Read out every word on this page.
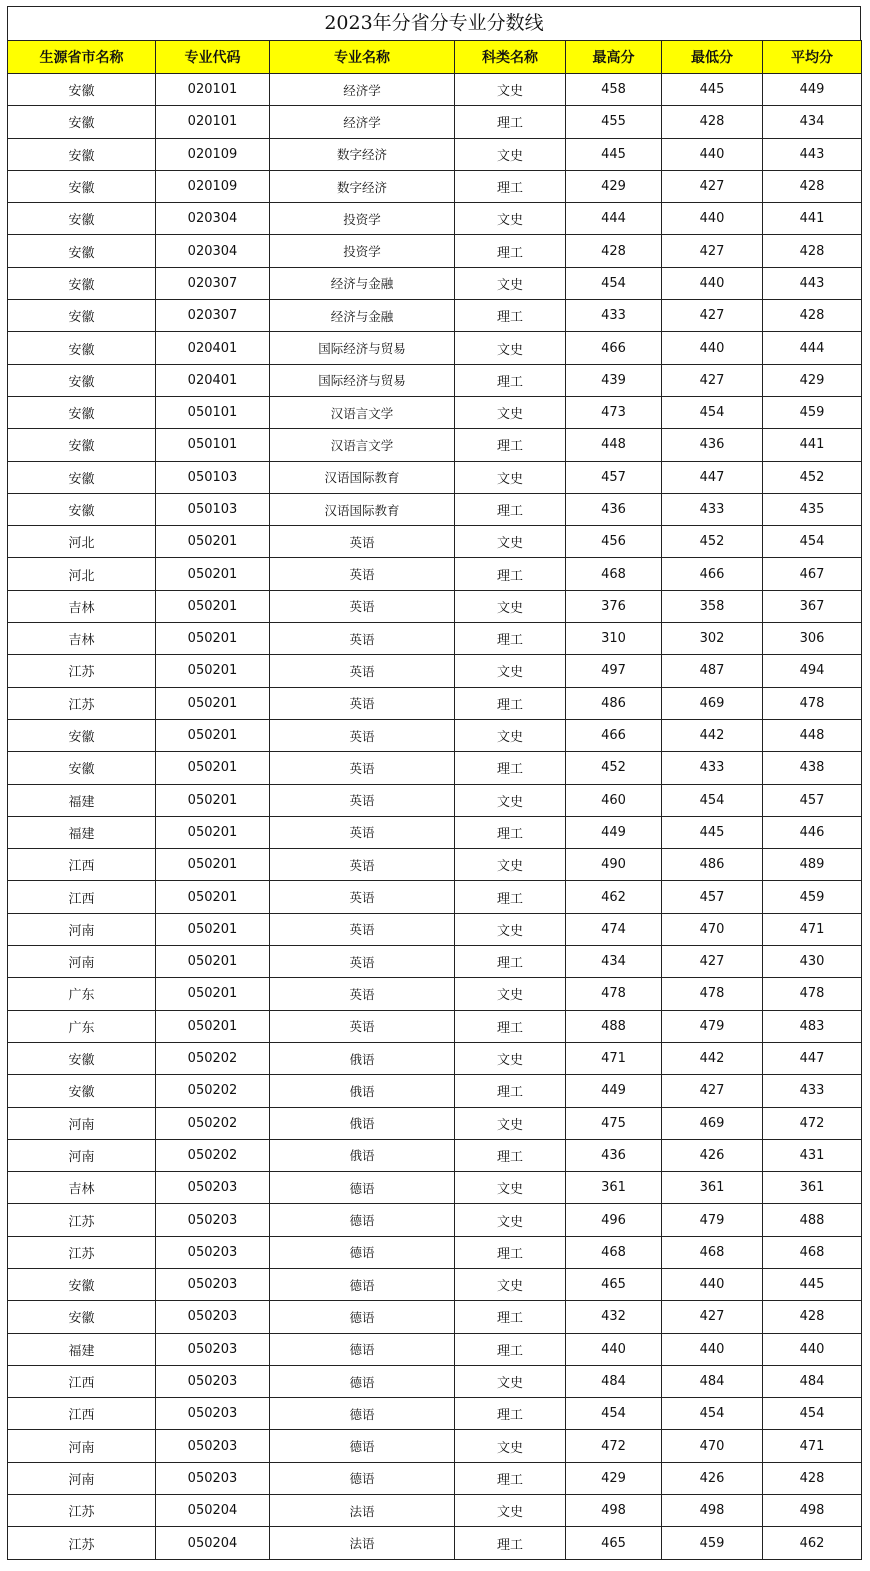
2023年分省分专业分数线
生源省市名称	专业代码	专业名称	科类名称	最高分	最低分	平均分
安徽	020101	经济学	文史	458	445	449
安徽	020101	经济学	理工	455	428	434
安徽	020109	数字经济	文史	445	440	443
安徽	020109	数字经济	理工	429	427	428
安徽	020304	投资学	文史	444	440	441
安徽	020304	投资学	理工	428	427	428
安徽	020307	经济与金融	文史	454	440	443
安徽	020307	经济与金融	理工	433	427	428
安徽	020401	国际经济与贸易	文史	466	440	444
安徽	020401	国际经济与贸易	理工	439	427	429
安徽	050101	汉语言文学	文史	473	454	459
安徽	050101	汉语言文学	理工	448	436	441
安徽	050103	汉语国际教育	文史	457	447	452
安徽	050103	汉语国际教育	理工	436	433	435
河北	050201	英语	文史	456	452	454
河北	050201	英语	理工	468	466	467
吉林	050201	英语	文史	376	358	367
吉林	050201	英语	理工	310	302	306
江苏	050201	英语	文史	497	487	494
江苏	050201	英语	理工	486	469	478
安徽	050201	英语	文史	466	442	448
安徽	050201	英语	理工	452	433	438
福建	050201	英语	文史	460	454	457
福建	050201	英语	理工	449	445	446
江西	050201	英语	文史	490	486	489
江西	050201	英语	理工	462	457	459
河南	050201	英语	文史	474	470	471
河南	050201	英语	理工	434	427	430
广东	050201	英语	文史	478	478	478
广东	050201	英语	理工	488	479	483
安徽	050202	俄语	文史	471	442	447
安徽	050202	俄语	理工	449	427	433
河南	050202	俄语	文史	475	469	472
河南	050202	俄语	理工	436	426	431
吉林	050203	德语	文史	361	361	361
江苏	050203	德语	文史	496	479	488
江苏	050203	德语	理工	468	468	468
安徽	050203	德语	文史	465	440	445
安徽	050203	德语	理工	432	427	428
福建	050203	德语	理工	440	440	440
江西	050203	德语	文史	484	484	484
江西	050203	德语	理工	454	454	454
河南	050203	德语	文史	472	470	471
河南	050203	德语	理工	429	426	428
江苏	050204	法语	文史	498	498	498
江苏	050204	法语	理工	465	459	462
